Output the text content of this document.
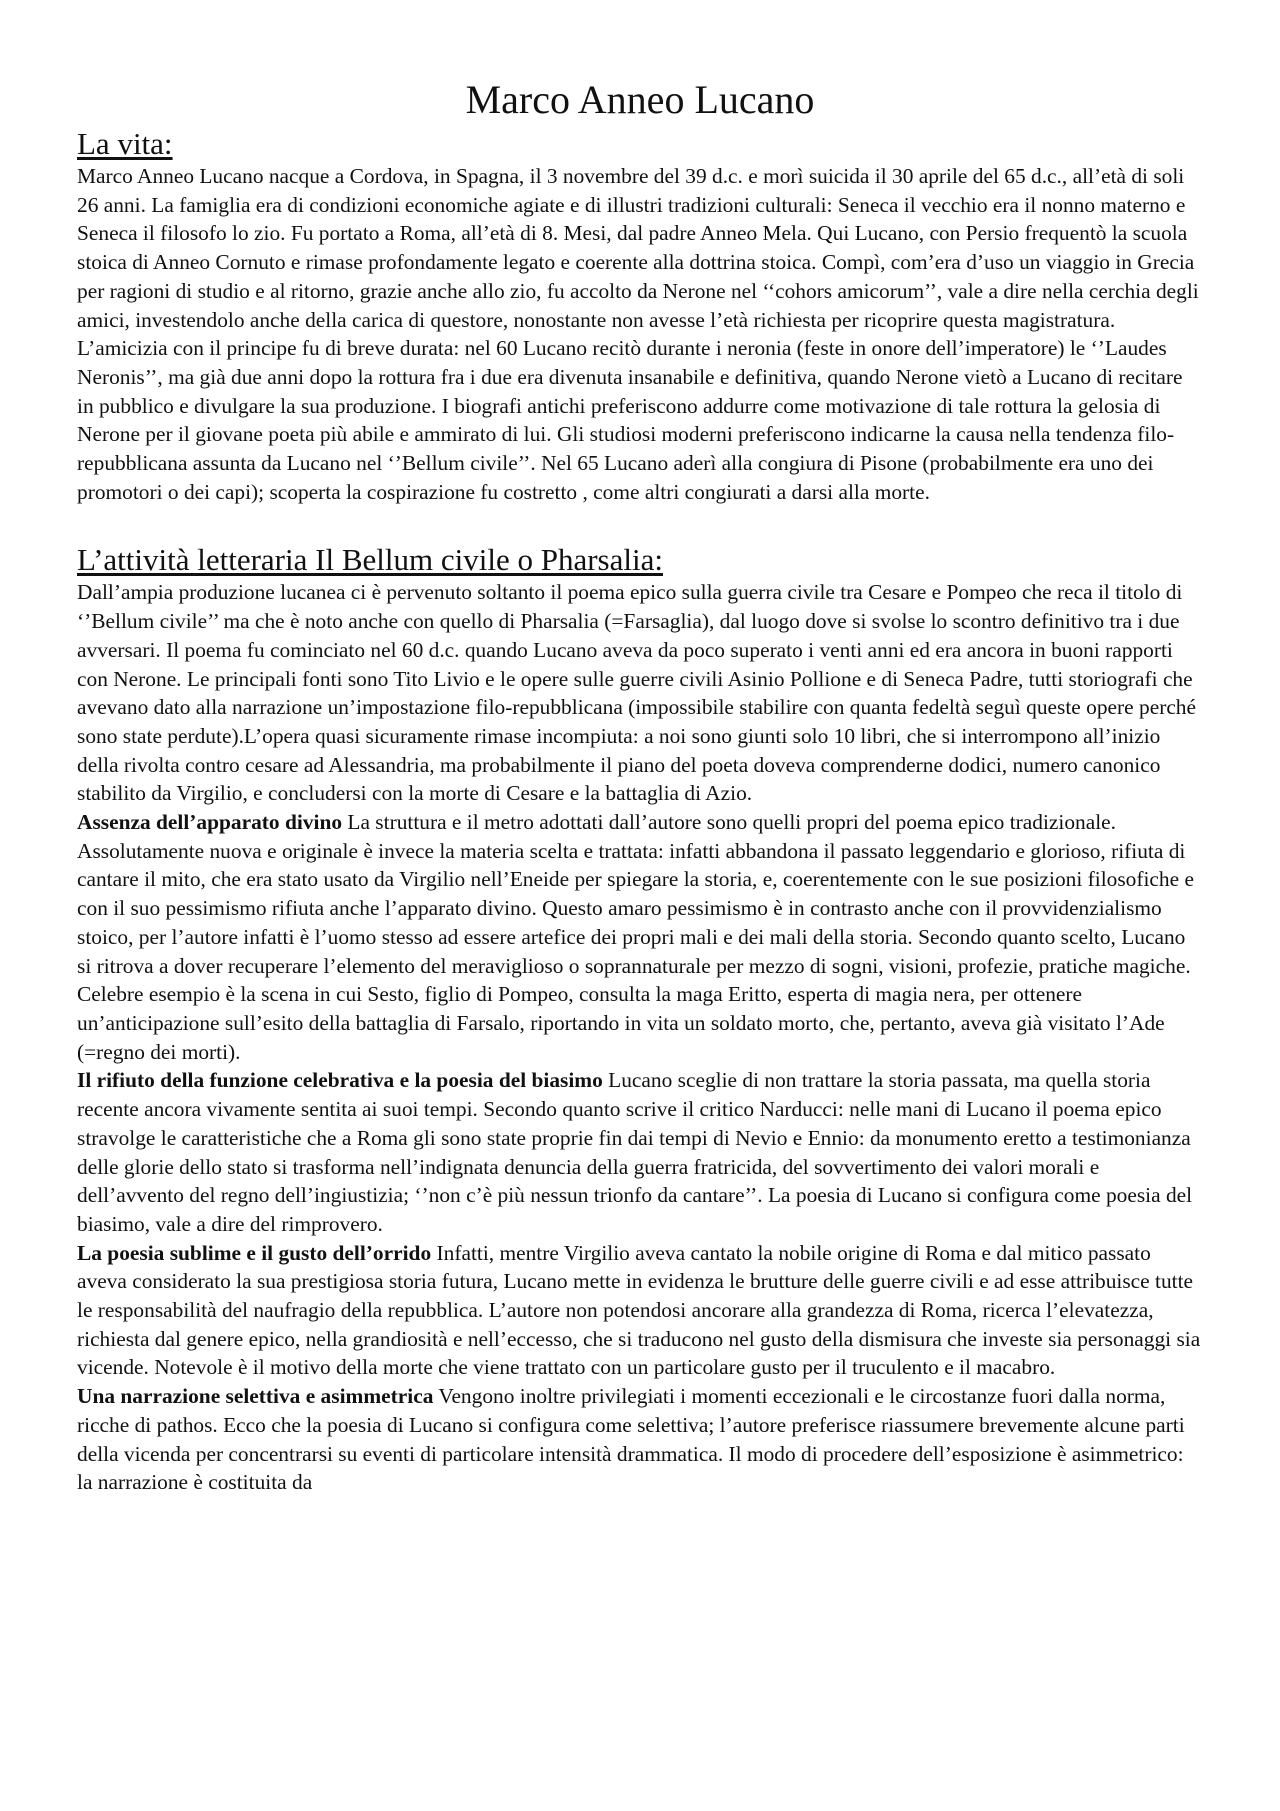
Marco Anneo Lucano
La vita:

Marco Anneo Lucano nacque a Cordova, in Spagna, il 3 novembre del 39 d.c. e morì suicida il 30 aprile del 65 d.c., all’età di soli 26 anni. La famiglia era di condizioni economiche agiate e di illustri tradizioni culturali: Seneca il vecchio era il nonno materno e Seneca il filosofo lo zio. Fu portato a Roma, all’età di 8. Mesi, dal padre Anneo Mela. Qui Lucano, con Persio frequentò la scuola stoica di Anneo Cornuto e rimase profondamente legato e coerente alla dottrina stoica. Compì, com’era d’uso un viaggio in Grecia per ragioni di studio e al ritorno, grazie anche allo zio, fu accolto da Nerone nel ‘‘cohors amicorum’’, vale a dire nella cerchia degli amici, investendolo anche della carica di questore, nonostante non avesse l’età richiesta per ricoprire questa magistratura. L’amicizia con il principe fu di breve durata: nel 60 Lucano recitò durante i neronia (feste in onore dell’imperatore) le ‘’Laudes Neronis’’, ma già due anni dopo la rottura fra i due era divenuta insanabile e definitiva, quando Nerone vietò a Lucano di recitare in pubblico e divulgare la sua produzione. I biografi antichi preferiscono addurre come motivazione di tale rottura la gelosia di Nerone per il giovane poeta più abile e ammirato di lui. Gli studiosi moderni preferiscono indicarne la causa nella tendenza filo-repubblicana assunta da Lucano nel ‘’Bellum civile’’. Nel 65 Lucano aderì alla congiura di Pisone (probabilmente era uno dei promotori o dei capi); scoperta la cospirazione fu costretto , come altri congiurati a darsi alla morte.

L’attività letteraria Il Bellum civile o Pharsalia:

Dall’ampia produzione lucanea ci è pervenuto soltanto il poema epico sulla guerra civile tra Cesare e Pompeo che reca il titolo di ‘’Bellum civile’’ ma che è noto anche con quello di Pharsalia (=Farsaglia), dal luogo dove si svolse lo scontro definitivo tra i due avversari. Il poema fu cominciato nel 60 d.c. quando Lucano aveva da poco superato i venti anni ed era ancora in buoni rapporti con Nerone. Le principali fonti sono Tito Livio e le opere sulle guerre civili Asinio Pollione e di Seneca Padre, tutti storiografi che avevano dato alla narrazione un’impostazione filo-repubblicana (impossibile stabilire con quanta fedeltà seguì queste opere perché sono state perdute).L’opera quasi sicuramente rimase incompiuta: a noi sono giunti solo 10 libri, che si interrompono all’inizio della rivolta contro cesare ad Alessandria, ma probabilmente il piano del poeta doveva comprenderne dodici, numero canonico stabilito da Virgilio, e concludersi con la morte di Cesare e la battaglia di Azio.

Assenza dell’apparato divino La struttura e il metro adottati dall’autore sono quelli propri del poema epico tradizionale. Assolutamente nuova e originale è invece la materia scelta e trattata: infatti abbandona il passato leggendario e glorioso, rifiuta di cantare il mito, che era stato usato da Virgilio nell’Eneide per spiegare la storia, e, coerentemente con le sue posizioni filosofiche e con il suo pessimismo rifiuta anche l’apparato divino. Questo amaro pessimismo è in contrasto anche con il provvidenzialismo stoico, per l’autore infatti è l’uomo stesso ad essere artefice dei propri mali e dei mali della storia. Secondo quanto scelto, Lucano si ritrova a dover recuperare l’elemento del meraviglioso o soprannaturale per mezzo di sogni, visioni, profezie, pratiche magiche. Celebre esempio è la scena in cui Sesto, figlio di Pompeo, consulta la maga Eritto, esperta di magia nera, per ottenere un’anticipazione sull’esito della battaglia di Farsalo, riportando in vita un soldato morto, che, pertanto, aveva già visitato l’Ade (=regno dei morti).

Il rifiuto della funzione celebrativa e la poesia del biasimo Lucano sceglie di non trattare la storia passata, ma quella storia recente ancora vivamente sentita ai suoi tempi. Secondo quanto scrive il critico Narducci: nelle mani di Lucano il poema epico stravolge le caratteristiche che a Roma gli sono state proprie fin dai tempi di Nevio e Ennio: da monumento eretto a testimonianza delle glorie dello stato si trasforma nell’indignata denuncia della guerra fratricida, del sovvertimento dei valori morali e dell’avvento del regno dell’ingiustizia; ‘’non c’è più nessun trionfo da cantare’’. La poesia di Lucano si configura come poesia del biasimo, vale a dire del rimprovero.

La poesia sublime e il gusto dell’orrido Infatti, mentre Virgilio aveva cantato la nobile origine di Roma e dal mitico passato aveva considerato la sua prestigiosa storia futura, Lucano mette in evidenza le brutture delle guerre civili e ad esse attribuisce tutte le responsabilità del naufragio della repubblica. L’autore non potendosi ancorare alla grandezza di Roma, ricerca l’elevatezza, richiesta dal genere epico, nella grandiosità e nell’eccesso, che si traducono nel gusto della dismisura che investe sia personaggi sia vicende. Notevole è il motivo della morte che viene trattato con un particolare gusto per il truculento e il macabro.

Una narrazione selettiva e asimmetrica Vengono inoltre privilegiati i momenti eccezionali e le circostanze fuori dalla norma, ricche di pathos. Ecco che la poesia di Lucano si configura come selettiva; l’autore preferisce riassumere brevemente alcune parti della vicenda per concentrarsi su eventi di particolare intensità drammatica. Il modo di procedere dell’esposizione è asimmetrico: la narrazione è costituita da
